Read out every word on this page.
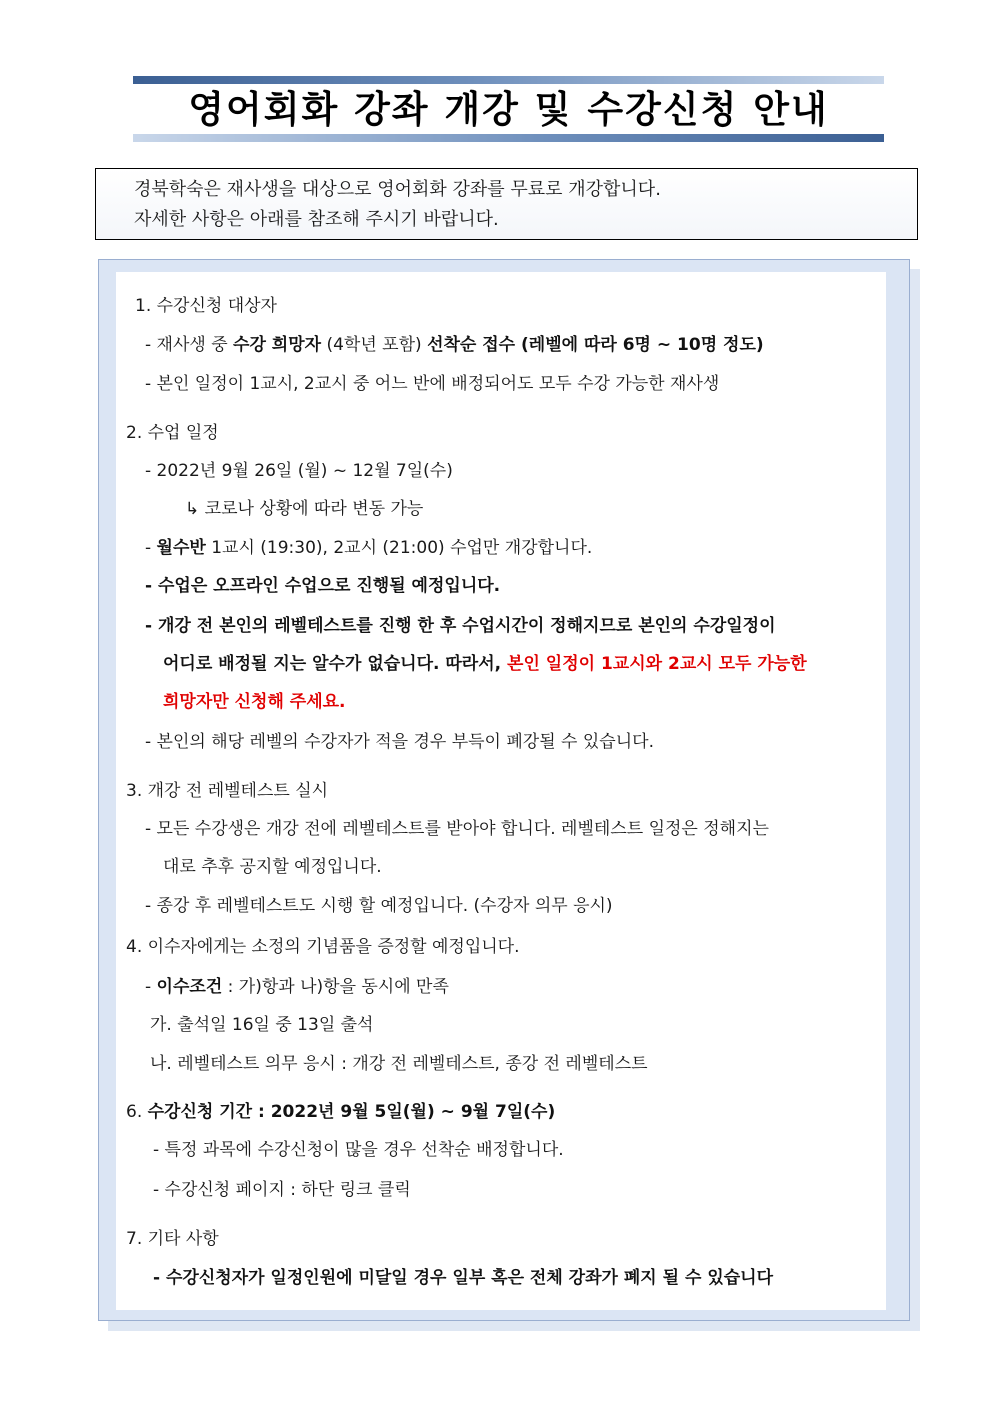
영어회화 강좌 개강 및 수강신청 안내
경북학숙은 재사생을 대상으로 영어회화 강좌를 무료로 개강합니다.
자세한 사항은 아래를 참조해 주시기 바랍니다.
1. 수강신청 대상자
- 재사생 중 수강 희망자 (4학년 포함) 선착순 접수 (레벨에 따라 6명 ~ 10명 정도)
- 본인 일정이 1교시, 2교시 중 어느 반에 배정되어도 모두 수강 가능한 재사생
2. 수업 일정
- 2022년 9월 26일 (월) ~ 12월 7일(수)
↳ 코로나 상황에 따라 변동 가능
- 월수반 1교시 (19:30), 2교시 (21:00) 수업만 개강합니다.
- 수업은 오프라인 수업으로 진행될 예정입니다.
- 개강 전 본인의 레벨테스트를 진행 한 후 수업시간이 정해지므로 본인의 수강일정이
어디로 배정될 지는 알수가 없습니다. 따라서, 본인 일정이 1교시와 2교시 모두 가능한
희망자만 신청해 주세요.
- 본인의 해당 레벨의 수강자가 적을 경우 부득이 폐강될 수 있습니다.
3. 개강 전 레벨테스트 실시
- 모든 수강생은 개강 전에 레벨테스트를 받아야 합니다. 레벨테스트 일정은 정해지는
대로 추후 공지할 예정입니다.
- 종강 후 레벨테스트도 시행 할 예정입니다. (수강자 의무 응시)
4. 이수자에게는 소정의 기념품을 증정할 예정입니다.
- 이수조건 : 가)항과 나)항을 동시에 만족
가. 출석일 16일 중 13일 출석
나. 레벨테스트 의무 응시 : 개강 전 레벨테스트, 종강 전 레벨테스트
6. 수강신청 기간 : 2022년 9월 5일(월) ~ 9월 7일(수)
- 특정 과목에 수강신청이 많을 경우 선착순 배정합니다.
- 수강신청 페이지 : 하단 링크 클릭
7. 기타 사항
- 수강신청자가 일정인원에 미달일 경우 일부 혹은 전체 강좌가 폐지 될 수 있습니다
